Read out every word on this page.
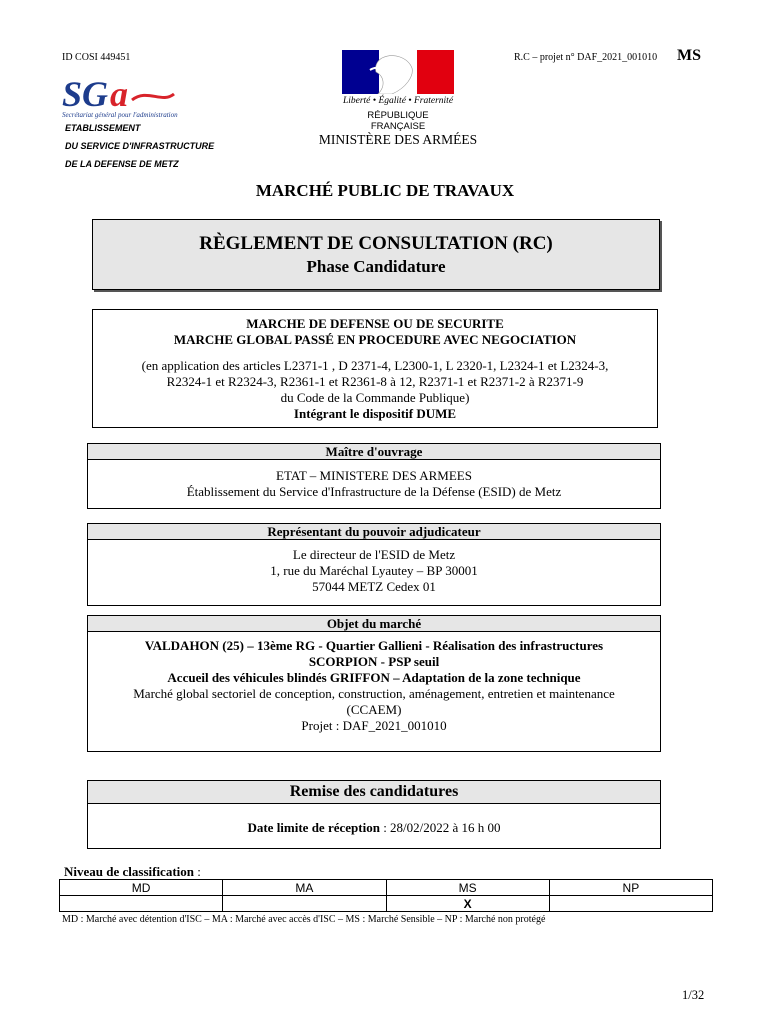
ID COSI 449451	R.C – projet n° DAF_2021_001010 MS
SG a
Secrétariat général pour l'administration
ETABLISSEMENT
DU SERVICE D'INFRASTRUCTURE
DE LA DEFENSE DE METZ
Liberté • Égalité • Fraternité
RÉPUBLIQUE FRANÇAISE
MINISTÈRE DES ARMÉES
MARCHÉ PUBLIC DE TRAVAUX
RÈGLEMENT DE CONSULTATION (RC)
Phase Candidature
MARCHE DE DEFENSE OU DE SECURITE
MARCHE GLOBAL PASSÉ EN PROCEDURE AVEC NEGOCIATION
(en application des articles L2371-1 , D 2371-4, L2300-1, L 2320-1, L2324-1 et L2324-3,
R2324-1 et R2324-3, R2361-1 et R2361-8 à 12, R2371-1 et R2371-2 à R2371-9
du Code de la Commande Publique)
Intégrant le dispositif DUME
Maître d'ouvrage
ETAT – MINISTERE DES ARMEES
Établissement du Service d'Infrastructure de la Défense (ESID) de Metz
Représentant du pouvoir adjudicateur
Le directeur de l'ESID de Metz
1, rue du Maréchal Lyautey – BP 30001
57044 METZ Cedex 01
Objet du marché
VALDAHON (25) – 13ème RG - Quartier Gallieni - Réalisation des infrastructures
SCORPION - PSP seuil
Accueil des véhicules blindés GRIFFON – Adaptation de la zone technique
Marché global sectoriel de conception, construction, aménagement, entretien et maintenance
(CCAEM)
Projet : DAF_2021_001010
Remise des candidatures
Date limite de réception : 28/02/2022 à 16 h 00
Niveau de classification :
MD	MA	MS	NP
		X	
MD : Marché avec détention d'ISC – MA : Marché avec accès d'ISC – MS : Marché Sensible – NP : Marché non protégé
1/32
